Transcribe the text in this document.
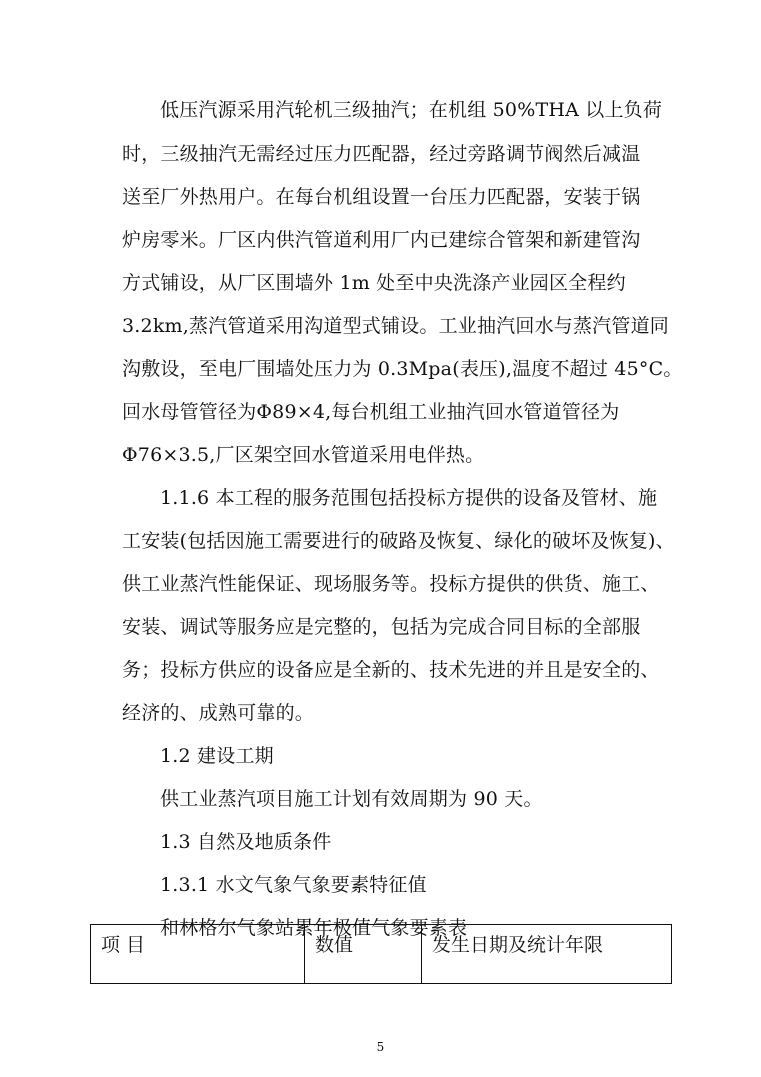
低压汽源采用汽轮机三级抽汽；在机组 50%THA 以上负荷
时，三级抽汽无需经过压力匹配器，经过旁路调节阀然后减温
送至厂外热用户。在每台机组设置一台压力匹配器，安装于锅
炉房零米。厂区内供汽管道利用厂内已建综合管架和新建管沟
方式铺设，从厂区围墙外 1m 处至中央洗涤产业园区全程约
3.2km,蒸汽管道采用沟道型式铺设。工业抽汽回水与蒸汽管道同
沟敷设，至电厂围墙处压力为 0.3Mpa(表压),温度不超过 45°C。
回水母管管径为Φ89×4,每台机组工业抽汽回水管道管径为
Φ76×3.5,厂区架空回水管道采用电伴热。
1.1.6 本工程的服务范围包括投标方提供的设备及管材、施
工安装(包括因施工需要进行的破路及恢复、绿化的破坏及恢复)、
供工业蒸汽性能保证、现场服务等。投标方提供的供货、施工、
安装、调试等服务应是完整的，包括为完成合同目标的全部服
务；投标方供应的设备应是全新的、技术先进的并且是安全的、
经济的、成熟可靠的。
1.2 建设工期
供工业蒸汽项目施工计划有效周期为 90 天。
1.3 自然及地质条件
1.3.1 水文气象气象要素特征值
和林格尔气象站累年极值气象要素表
项 目	数值	发生日期及统计年限
5
